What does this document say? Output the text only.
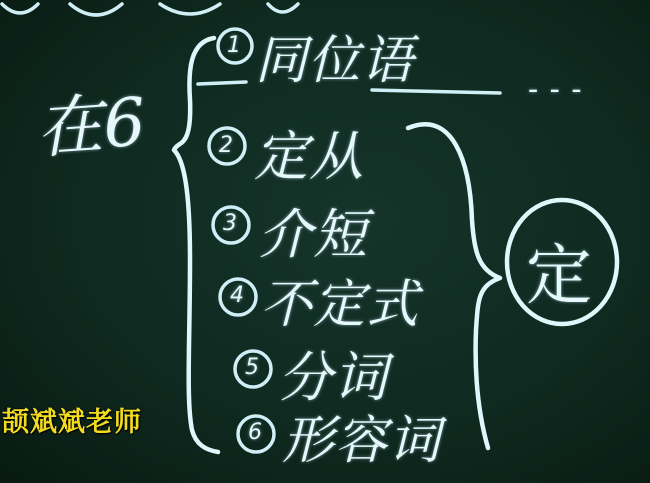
在6
1 同位语	- - -
2 定从
3 介短
4 不定式
5 分词
6 形容词
定
颉斌斌老师
